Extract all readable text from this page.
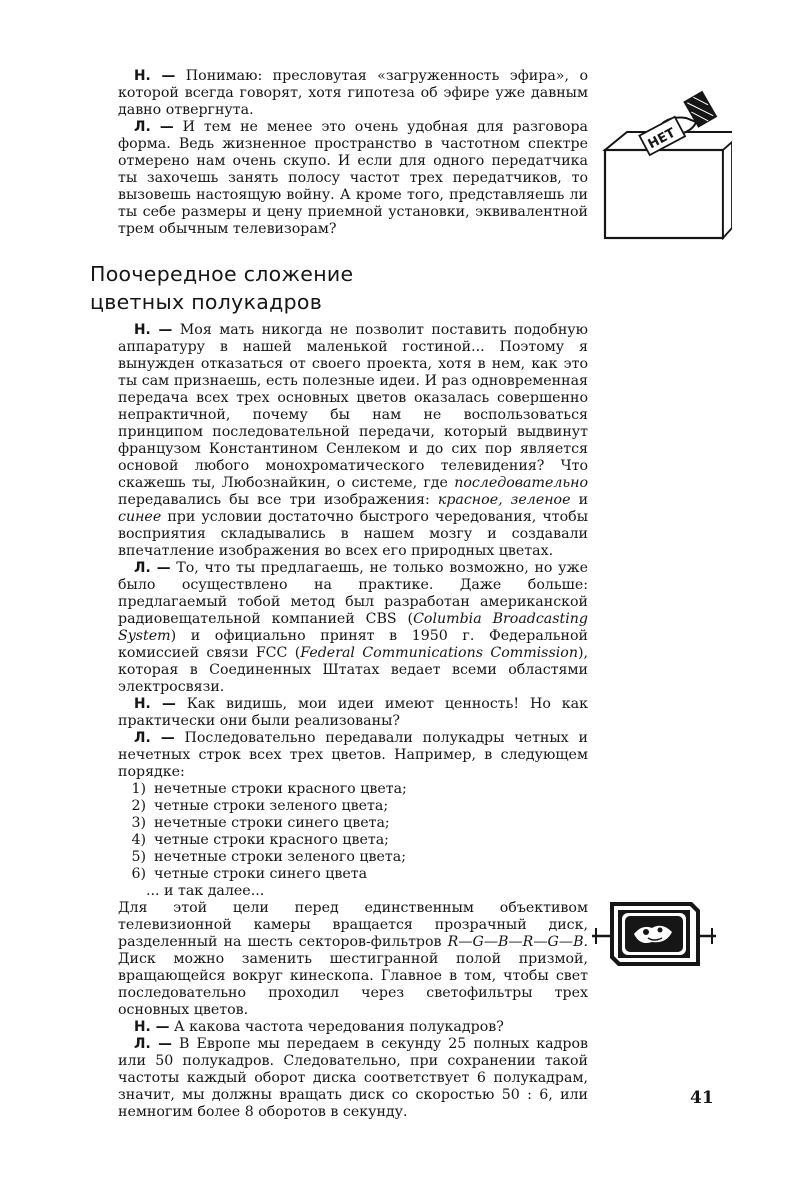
Н. — Понимаю: пресловутая «загруженность эфира», о которой всегда говорят, хотя гипотеза об эфире уже давным давно отвергнута.

Л. — И тем не менее это очень удобная для разговора форма. Ведь жизненное пространство в частотном спектре отмерено нам очень скупо. И если для одного передатчика ты захочешь занять полосу частот трех передатчиков, то вызовешь настоящую войну. А кроме того, представляешь ли ты себе размеры и цену приемной установки, эквивалентной трем обычным телевизорам?

НЕТ
Поочередное сложение
цветных полукадров

Н. — Моя мать никогда не позволит поставить подобную аппаратуру в нашей маленькой гостиной... Поэтому я вынужден отказаться от своего проекта, хотя в нем, как это ты сам признаешь, есть полезные идеи. И раз одновременная передача всех трех основных цветов оказалась совершенно непрактичной, почему бы нам не воспользоваться принципом последовательной передачи, который выдвинут французом Константином Сенлеком и до сих пор является основой любого монохроматического телевидения? Что скажешь ты, Любознайкин, о системе, где последовательно передавались бы все три изображения: красное, зеленое и синее при условии достаточно быстрого чередования, чтобы восприятия складывались в нашем мозгу и создавали впечатление изображения во всех его природных цветах.

Л. — То, что ты предлагаешь, не только возможно, но уже было осуществлено на практике. Даже больше: предлагаемый тобой метод был разработан американской радиовещательной компанией CBS (Columbia Broadcasting System) и официально принят в 1950 г. Федеральной комиссией связи FCC (Federal Communications Commission), которая в Соединенных Штатах ведает всеми областями электросвязи.

Н. — Как видишь, мои идеи имеют ценность! Но как практически они были реализованы?

Л. — Последовательно передавали полукадры четных и нечетных строк всех трех цветов. Например, в следующем порядке:

1) нечетные строки красного цвета;
2) четные строки зеленого цвета;
3) нечетные строки синего цвета;
4) четные строки красного цвета;
5) нечетные строки зеленого цвета;
6) четные строки синего цвета
... и так далее...

Для этой цели перед единственным объективом телевизионной камеры вращается прозрачный диск, разделенный на шесть секторов-фильтров R—G—B—R—G—B. Диск можно заменить шестигранной полой призмой, вращающейся вокруг кинескопа. Главное в том, чтобы свет последовательно проходил через светофильтры трех основных цветов.

Н. — А какова частота чередования полукадров?

Л. — В Европе мы передаем в секунду 25 полных кадров или 50 полукадров. Следовательно, при сохранении такой частоты каждый оборот диска соответствует 6 полукадрам, значит, мы должны вращать диск со скоростью 50 : 6, или немногим более 8 оборотов в секунду.

41
